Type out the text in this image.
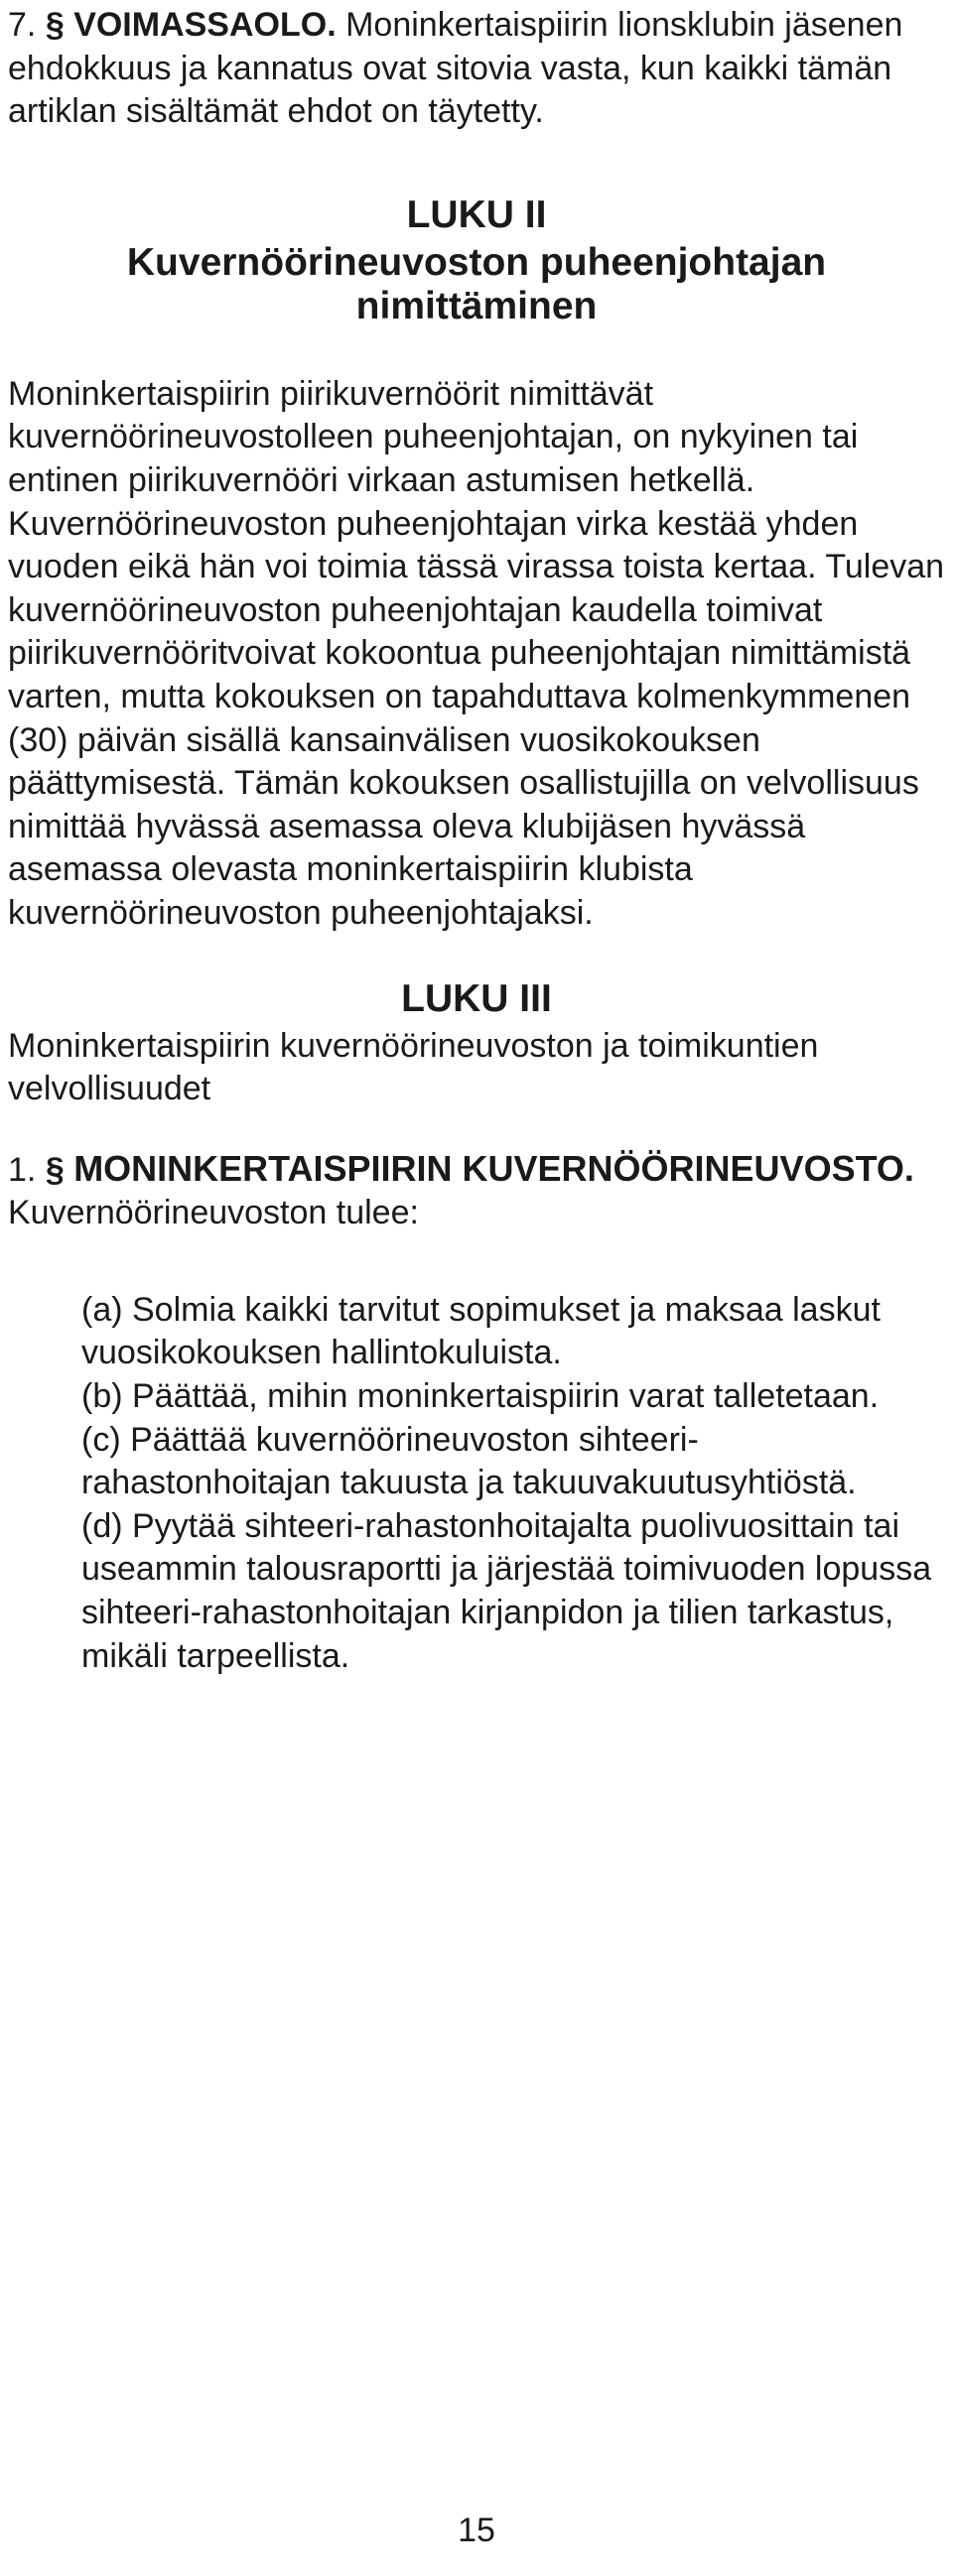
7. § VOIMASSAOLO. Moninkertaispiirin lionsklubin jäsenen ehdokkuus ja kannatus ovat sitovia vasta, kun kaikki tämän artiklan sisältämät ehdot on täytetty.

LUKU II
Kuvernöörineuvoston puheenjohtajan nimittäminen

Moninkertaispiirin piirikuvernöörit nimittävät kuvernöörineuvostolleen puheenjohtajan, on nykyinen tai entinen piirikuvernööri virkaan astumisen hetkellä. Kuvernöörineuvoston puheenjohtajan virka kestää yhden vuoden eikä hän voi toimia tässä virassa toista kertaa. Tulevan kuvernöörineuvoston puheenjohtajan kaudella toimivat piirikuvernööritvoivat kokoontua puheenjohtajan nimittämistä varten, mutta kokouksen on tapahduttava kolmenkymmenen (30) päivän sisällä kansainvälisen vuosikokouksen päättymisestä. Tämän kokouksen osallistujilla on velvollisuus nimittää hyvässä asemassa oleva klubijäsen hyvässä asemassa olevasta moninkertaispiirin klubista kuvernöörineuvoston puheenjohtajaksi.

LUKU III

Moninkertaispiirin kuvernöörineuvoston ja toimikuntien velvollisuudet

1. § MONINKERTAISPIIRIN KUVERNÖÖRINEUVOSTO.
Kuvernöörineuvoston tulee:

(a) Solmia kaikki tarvitut sopimukset ja maksaa laskut vuosikokouksen hallintokuluista.

(b) Päättää, mihin moninkertaispiirin varat talletetaan.

(c) Päättää kuvernöörineuvoston sihteeri-rahastonhoitajan takuusta ja takuuvakuutusyhtiöstä.

(d) Pyytää sihteeri-rahastonhoitajalta puolivuosittain tai useammin talousraportti ja järjestää toimivuoden lopussa sihteeri-rahastonhoitajan kirjanpidon ja tilien tarkastus, mikäli tarpeellista.

15
